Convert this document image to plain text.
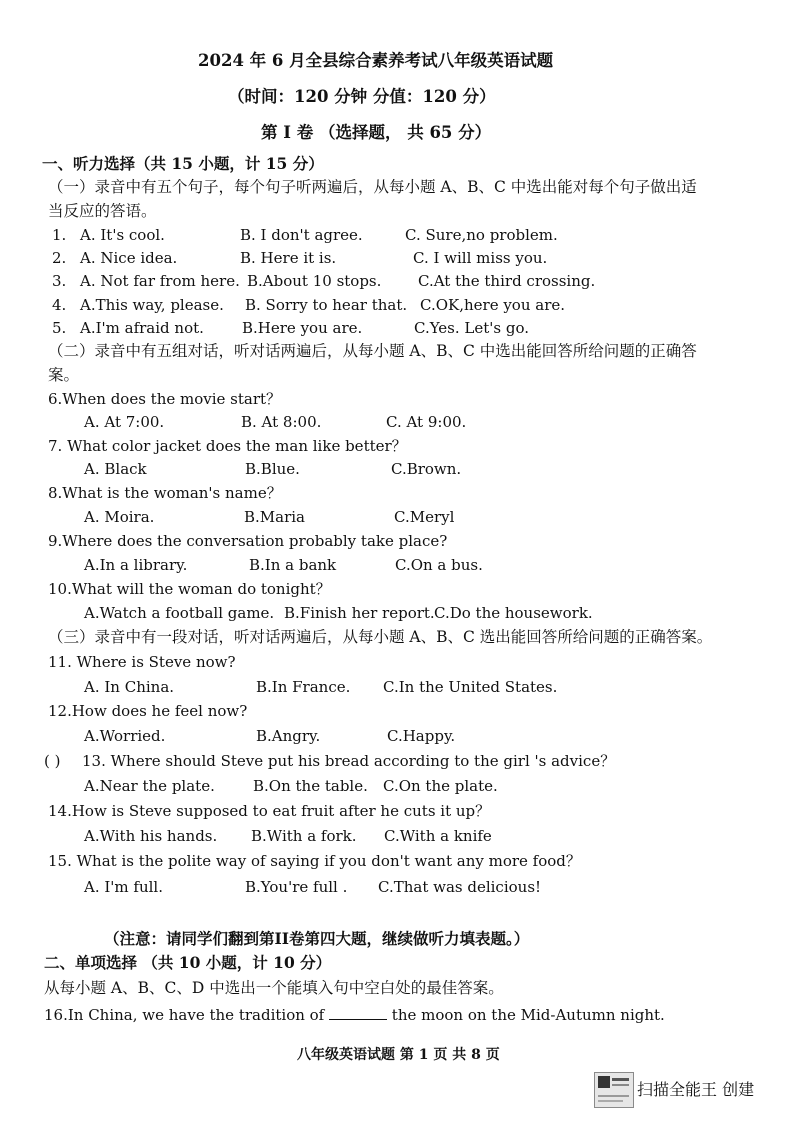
2024 年 6 月全县综合素养考试八年级英语试题
（时间：120 分钟 分值：120 分）
第 I 卷 （选择题， 共 65 分）
一、听力选择（共 15 小题，计 15 分）
（一）录音中有五个句子，每个句子听两遍后，从每小题 A、B、C 中选出能对每个句子做出适
当反应的答语。
1. A. It's cool.	B. I don't agree.	C. Sure,no problem.
2. A. Nice idea.	B. Here it is.	C. I will miss you.
3. A. Not far from here. B.About 10 stops. C.At the third crossing.
4. A.This way, please. B. Sorry to hear that. C.OK,here you are.
5. A.I'm afraid not.	B.Here you are.	C.Yes. Let's go.
（二）录音中有五组对话，听对话两遍后，从每小题 A、B、C 中选出能回答所给问题的正确答
案。
6.When does the movie start？
A. At 7:00.	B. At 8:00.	C. At 9:00.
7. What color jacket does the man like better？
A. Black	B.Blue.	C.Brown.
8.What is the woman's name？
A. Moira.	B.Maria	C.Meryl
9.Where does the conversation probably take place?
A.In a library.	B.In a bank	C.On a bus.
10.What will the woman do tonight？
A.Watch a football game. B.Finish her report. C.Do the housework.
（三）录音中有一段对话，听对话两遍后，从每小题 A、B、C 选出能回答所给问题的正确答案。
11. Where is Steve now?
A. In China.	B.In France. C.In the United States.
12.How does he feel now?
A.Worried.	B.Angry.	C.Happy.
( ) 13. Where should Steve put his bread according to the girl 's advice？
A.Near the plate.	B.On the table. C.On the plate.
14.How is Steve supposed to eat fruit after he cuts it up？
A.With his hands. B.With a fork. C.With a knife
15. What is the polite way of saying if you don't want any more food？
A. I'm full.	B.You're full . C.That was delicious!
（注意：请同学们翻到第II卷第四大题，继续做听力填表题。）
二、单项选择 （共 10 小题，计 10 分）
从每小题 A、B、C、D 中选出一个能填入句中空白处的最佳答案。
16.In China, we have the tradition of	the moon on the Mid-Autumn night.
八年级英语试题 第 1 页 共 8 页
扫描全能王 创建
